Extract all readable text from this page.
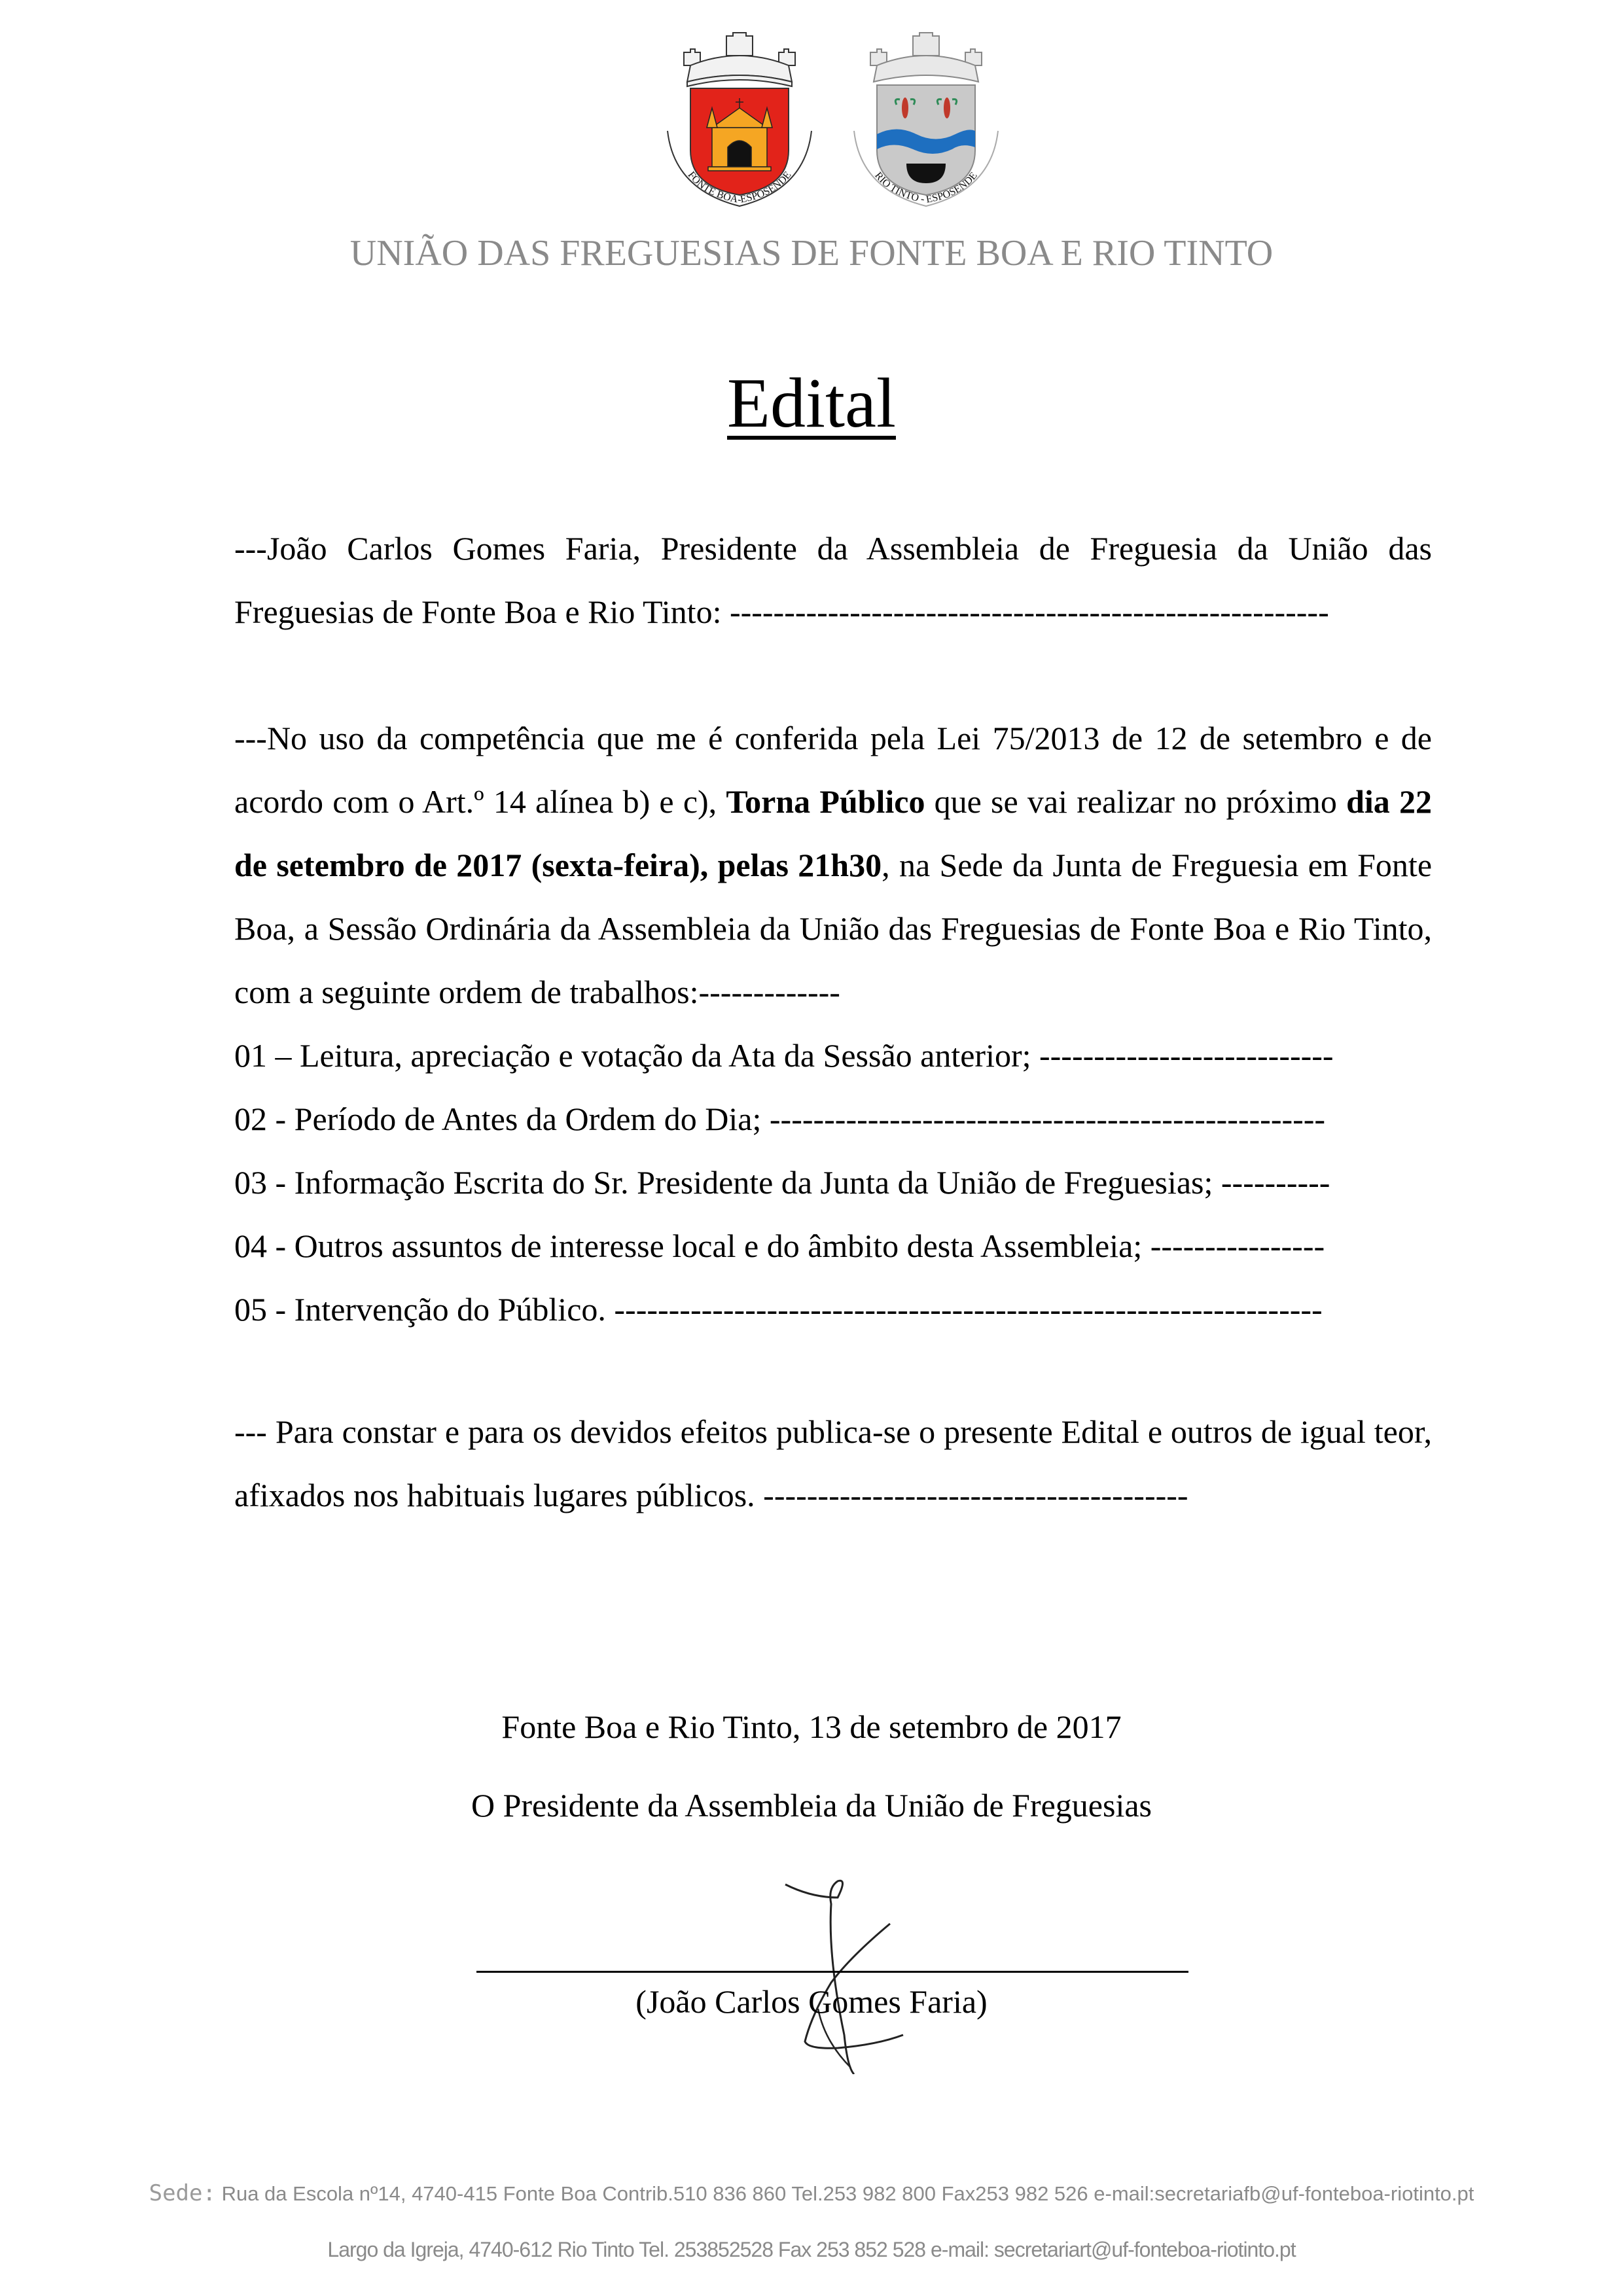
FONTE BOA-ESPOSENDE	RIO TINTO - ESPOSENDE
UNIÃO DAS FREGUESIAS DE FONTE BOA E RIO TINTO
Edital

---João Carlos Gomes Faria, Presidente da Assembleia de Freguesia da União das Freguesias de Fonte Boa e Rio Tinto: -------------------------------------------------------

---No uso da competência que me é conferida pela Lei 75/2013 de 12 de setembro e de acordo com o Art.º 14 alínea b) e c), Torna Público que se vai realizar no próximo dia 22 de setembro de 2017 (sexta-feira), pelas 21h30, na Sede da Junta de Freguesia em Fonte Boa, a Sessão Ordinária da Assembleia da União das Freguesias de Fonte Boa e Rio Tinto, com a seguinte ordem de trabalhos:-------------

01 – Leitura, apreciação e votação da Ata da Sessão anterior; ---------------------------
02 - Período de Antes da Ordem do Dia; ---------------------------------------------------
03 - Informação Escrita do Sr. Presidente da Junta da União de Freguesias; ----------
04 - Outros assuntos de interesse local e do âmbito desta Assembleia; ----------------
05 - Intervenção do Público. -----------------------------------------------------------------

--- Para constar e para os devidos efeitos publica-se o presente Edital e outros de igual teor, afixados nos habituais lugares públicos. ---------------------------------------

Fonte Boa e Rio Tinto, 13 de setembro de 2017
O Presidente da Assembleia da União de Freguesias
(João Carlos Gomes Faria)
Sede: Rua da Escola nº14, 4740-415 Fonte Boa Contrib.510 836 860 Tel.253 982 800 Fax253 982 526 e-mail:secretariafb@uf-fonteboa-riotinto.pt
Largo da Igreja, 4740-612 Rio Tinto Tel. 253852528 Fax 253 852 528 e-mail: secretariart@uf-fonteboa-riotinto.pt
